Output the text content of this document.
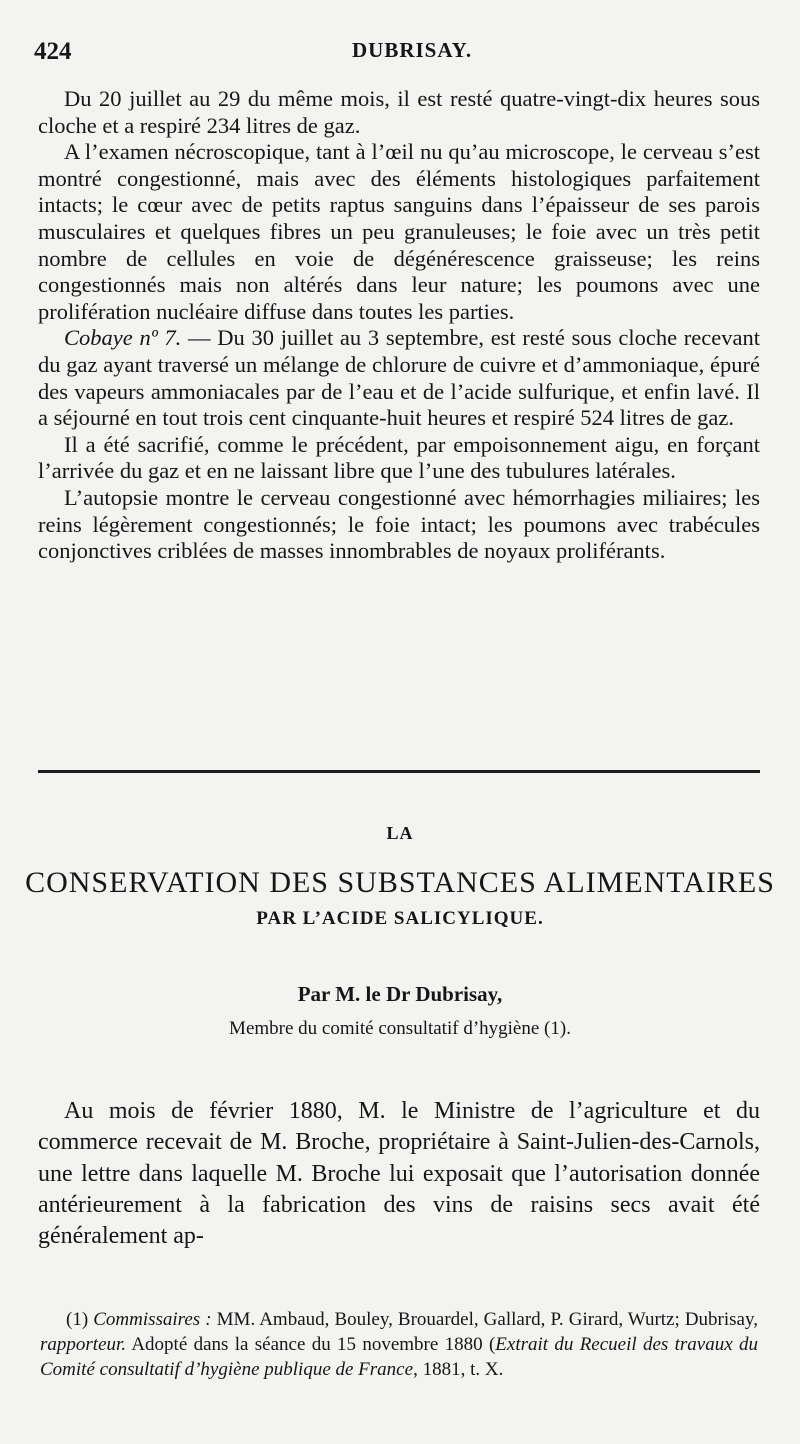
424	DUBRISAY.

Du 20 juillet au 29 du même mois, il est resté quatre-vingt-dix heures sous cloche et a respiré 234 litres de gaz.

A l’examen nécroscopique, tant à l’œil nu qu’au microscope, le cerveau s’est montré congestionné, mais avec des éléments histologiques parfaitement intacts; le cœur avec de petits raptus sanguins dans l’épaisseur de ses parois musculaires et quelques fibres un peu granuleuses; le foie avec un très petit nombre de cellules en voie de dégénérescence graisseuse; les reins congestionnés mais non altérés dans leur nature; les poumons avec une prolifération nucléaire diffuse dans toutes les parties.

Cobaye nº 7. — Du 30 juillet au 3 septembre, est resté sous cloche recevant du gaz ayant traversé un mélange de chlorure de cuivre et d’ammoniaque, épuré des vapeurs ammoniacales par de l’eau et de l’acide sulfurique, et enfin lavé. Il a séjourné en tout trois cent cinquante-huit heures et respiré 524 litres de gaz.

Il a été sacrifié, comme le précédent, par empoisonnement aigu, en forçant l’arrivée du gaz et en ne laissant libre que l’une des tubulures latérales.

L’autopsie montre le cerveau congestionné avec hémorrhagies miliaires; les reins légèrement congestionnés; le foie intact; les poumons avec trabécules conjonctives criblées de masses innombrables de noyaux proliférants.

LA
CONSERVATION DES SUBSTANCES ALIMENTAIRES
PAR L’ACIDE SALICYLIQUE.
Par M. le Dr Dubrisay,
Membre du comité consultatif d’hygiène (1).

Au mois de février 1880, M. le Ministre de l’agriculture et du commerce recevait de M. Broche, propriétaire à Saint-Julien-des-Carnols, une lettre dans laquelle M. Broche lui exposait que l’autorisation donnée antérieurement à la fabrication des vins de raisins secs avait été généralement ap-

(1) Commissaires : MM. Ambaud, Bouley, Brouardel, Gallard, P. Girard, Wurtz; Dubrisay, rapporteur. Adopté dans la séance du 15 novembre 1880 (Extrait du Recueil des travaux du Comité consultatif d’hygiène publique de France, 1881, t. X.
